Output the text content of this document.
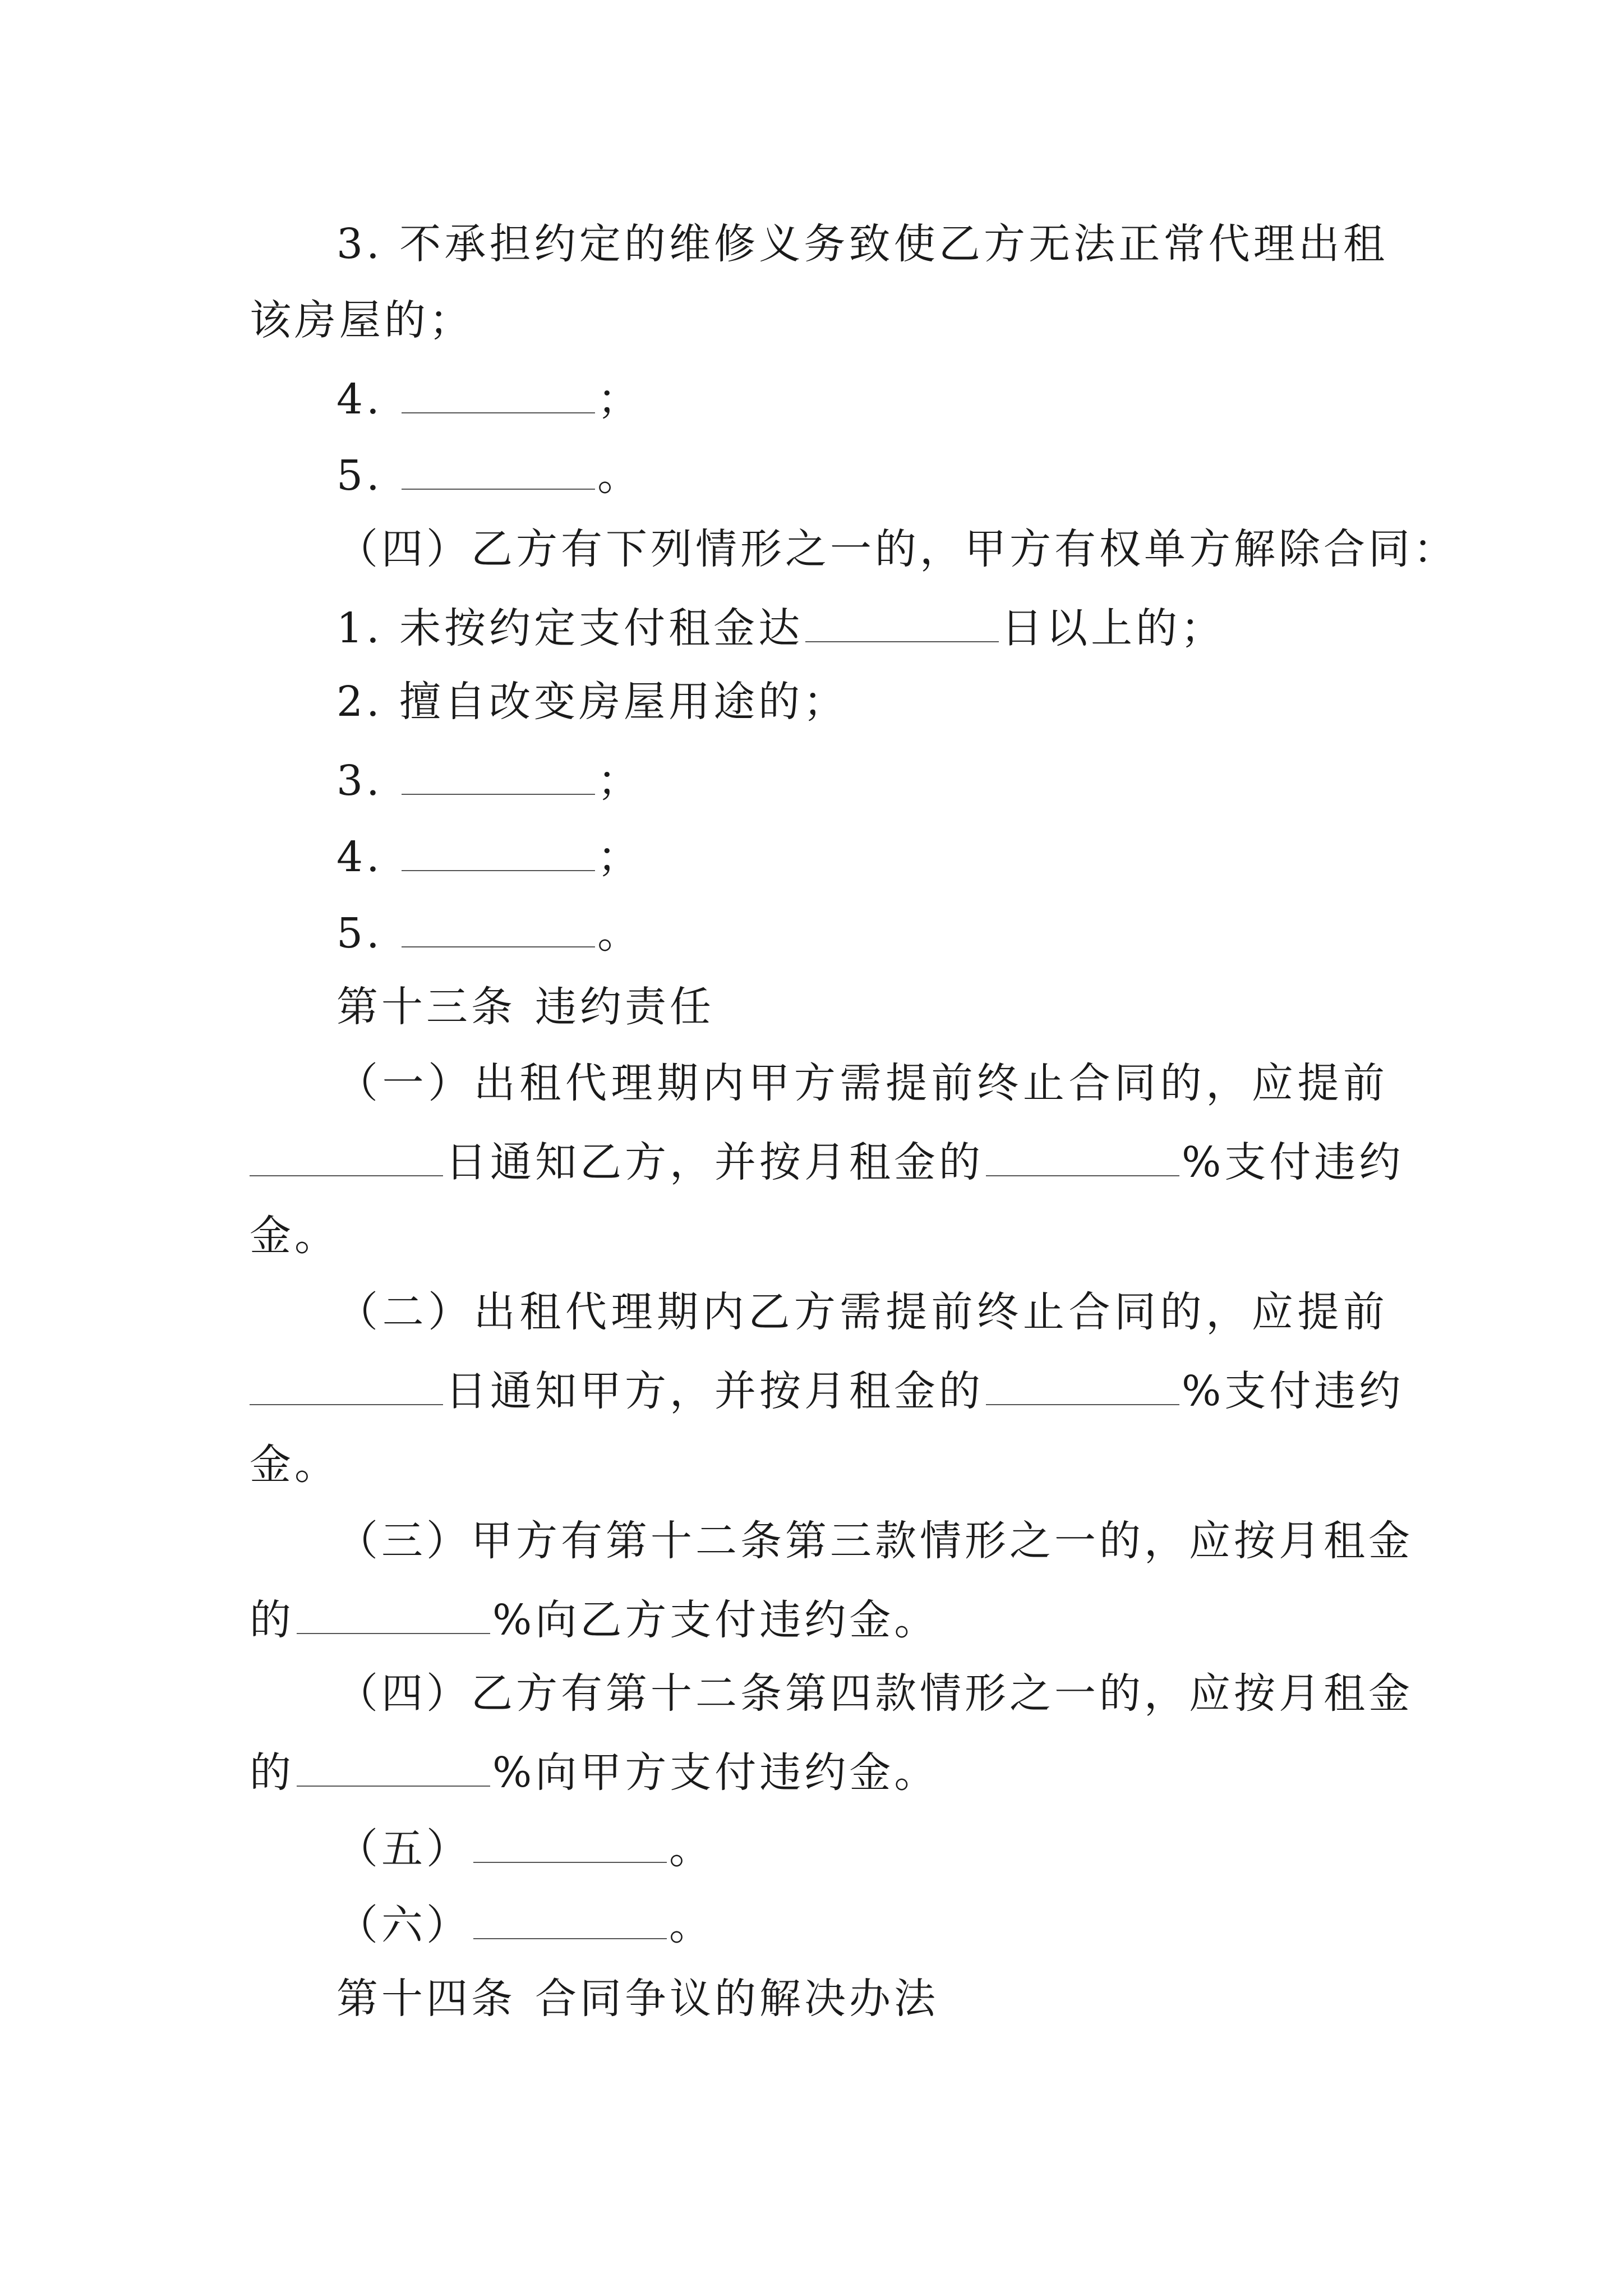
3. 不承担约定的维修义务致使乙方无法正常代理出租
该房屋的；
4.	；
5.	。
（四）乙方有下列情形之一的，甲方有权单方解除合同：
1. 未按约定支付租金达	日以上的；
2. 擅自改变房屋用途的；
3.	；
4.	；
5.	。
第十三条 违约责任
（一）出租代理期内甲方需提前终止合同的，应提前
日通知乙方，并按月租金的	%支付违约
金。
（二）出租代理期内乙方需提前终止合同的，应提前
日通知甲方，并按月租金的	%支付违约
金。
（三）甲方有第十二条第三款情形之一的，应按月租金
的	%向乙方支付违约金。
（四）乙方有第十二条第四款情形之一的，应按月租金
的	%向甲方支付违约金。
（五）	。
（六）	。
第十四条 合同争议的解决办法
